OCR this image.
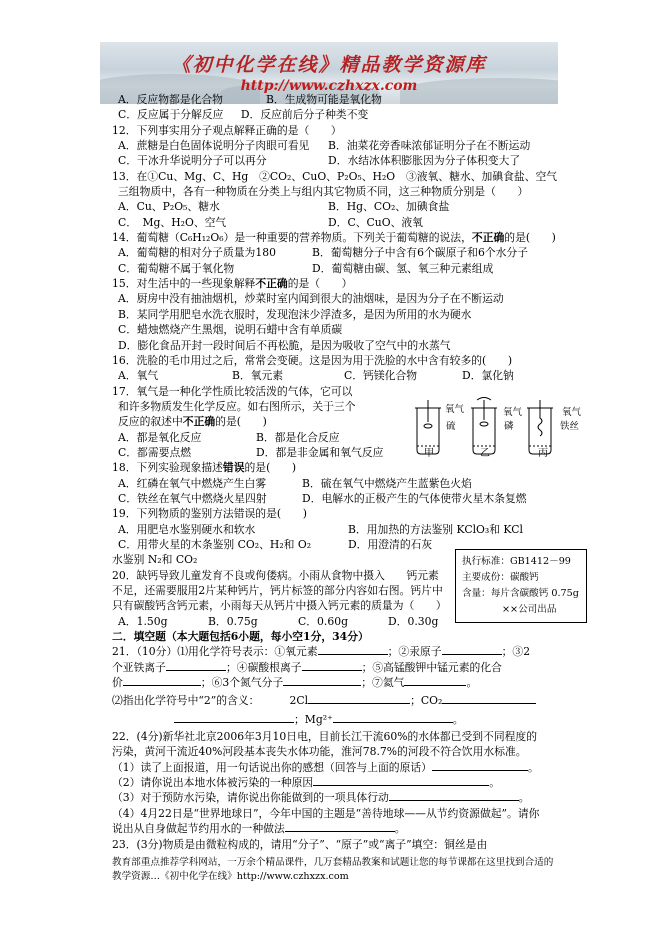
《初中化学在线》精品教学资源库
http://www.czhxzx.com

A．反应物都是化合物	B．生成物可能是氧化物

C．反应属于分解反应 D．反应前后分子种类不变

12．下列事实用分子观点解释正确的是（　　）

A．蔗糖是白色固体说明分子肉眼可看见 B．油菜花旁香味浓郁证明分子在不断运动

C．干冰升华说明分子可以再分	D．水结冰体积膨胀因为分子体积变大了

13．在①Cu、Mg、C、Hg　②CO₂、CuO、P₂O₅、H₂O　③液氧、糖水、加碘食盐、空气

三组物质中，各有一种物质在分类上与组内其它物质不同，这三种物质分别是（　　）

A．Cu、P₂O₅、糖水	B．Hg、CO₂、加碘食盐

C．　Mg、H₂O、空气	D．C、CuO、液氧

14．葡萄糖（C₆H₁₂O₆）是一种重要的营养物质。下列关于葡萄糖的说法，不正确的是(　　)

A．葡萄糖的相对分子质量为180	B．葡萄糖分子中含有6个碳原子和6个水分子

C．葡萄糖不属于氧化物	D．葡萄糖由碳、氢、氧三种元素组成

15．对生活中的一些现象解释不正确的是（　　）

A．厨房中没有抽油烟机，炒菜时室内闻到很大的油烟味，是因为分子在不断运动

B．某同学用肥皂水洗衣服时，发现泡沫少浮渣多，是因为所用的水为硬水

C．蜡烛燃烧产生黑烟，说明石蜡中含有单质碳

D．膨化食品开封一段时间后不再松脆，是因为吸收了空气中的水蒸气

16．洗脸的毛巾用过之后，常常会变硬。这是因为用于洗脸的水中含有较多的(　　)

A．氧气	B．氧元素	C．钙镁化合物	D．氯化钠

17．氧气是一种化学性质比较活泼的气体，它可以

和许多物质发生化学反应。如右图所示，关于三个

反应的叙述中不正确的是(　　)

A．都是氧化反应	B．都是化合反应

C．都需要点燃	D．都是非金属和氧气反应

18．下列实验现象描述错误的是(　　)

A．红磷在氧气中燃烧产生白雾	B．硫在氧气中燃烧产生蓝紫色火焰

C．铁丝在氧气中燃烧火星四射	D．电解水的正极产生的气体使带火星木条复燃

19．下列物质的鉴别方法错误的是(　　)

A．用肥皂水鉴别硬水和软水	B．用加热的方法鉴别 KClO₃和 KCl

C．用带火星的木条鉴别 CO₂、H₂和 O₂	D．用澄清的石灰

水鉴别 N₂和 CO₂

20．缺钙导致儿童发育不良或佝偻病。小雨从食物中摄入　　钙元素

不足，还需要服用2片某种钙片，钙片标签的部分内容如右图。钙片中

只有碳酸钙含钙元素，小雨每天从钙片中摄入钙元素的质量为（　　）

A．1.50g	B．0.75g	C．0.60g	D．0.30g

二．填空题（本大题包括6小题，每小空1分，34分）

21．（10分）⑴用化学符号表示：①氧元素	；②汞原子	；③2

个亚铁离子	；④碳酸根离子	；⑤高锰酸钾中锰元素的化合

价	；⑥3个氮气分子	；⑦氦气	。

⑵指出化学符号中“2”的含义：	2Cl	；CO₂

；Mg²⁺	。

22．(4分)新华社北京2006年3月10日电，目前长江干流60%的水体都已受到不同程度的

污染，黄河干流近40%河段基本丧失水体功能，淮河78.7%的河段不符合饮用水标准。

（1）读了上面报道，用一句话说出你的感想（回答与上面的原话）	。

（2）请你说出本地水体被污染的一种原因	。

（3）对于预防水污染，请你说出你能做到的一项具体行动	。

（4）4月22日是“世界地球日”，今年中国的主题是“善待地球——从节约资源做起”。请你

说出从自身做起节约用水的一种做法	。

23．(3分)物质是由微粒构成的，请用“分子”、“原子”或“离子”填空：铜丝是由

氧气
硫
氧气
磷
氧气
铁丝
甲	乙	丙

执行标准：GB1412－99

主要成份：碳酸钙

含量：每片含碳酸钙 0.75g

××公司出品

教育部重点推荐学科网站，一万余个精品课件，几万套精品教案和试题让您的每节课都在这里找到合适的

教学资源…《初中化学在线》http://www.czhxzx.com
